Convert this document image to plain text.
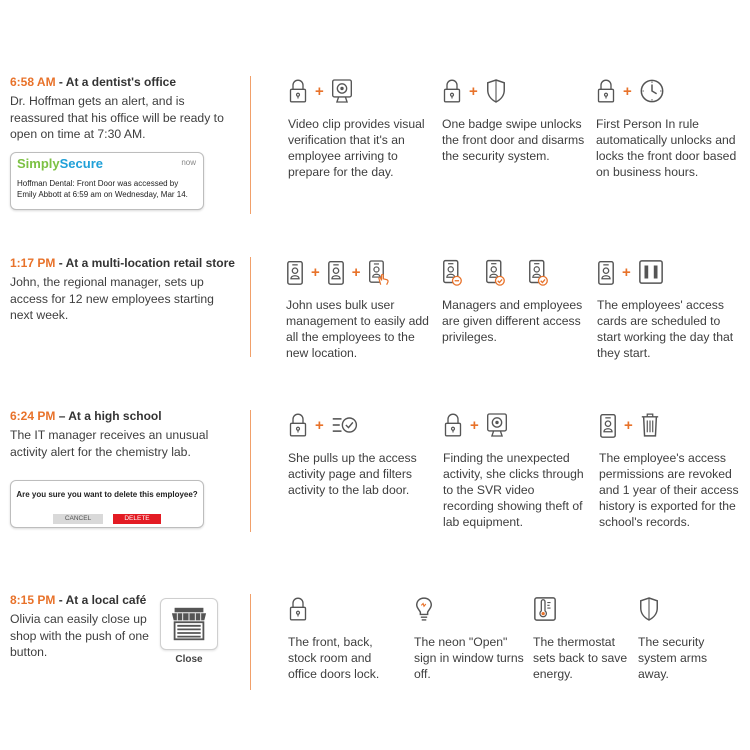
6:58 AM - At a dentist's office
Dr. Hoffman gets an alert, and is reassured that his office will be ready to open on time at 7:30 AM.
SimplySecure	now
Hoffman Dental: Front Door was accessed by Emily Abbott at 6:59 am on Wednesday, Mar 14.
+
Video clip provides visual verification that it's an employee arriving to prepare for the day.
+
One badge swipe unlocks the front door and disarms the security system.
+
First Person In rule automatically unlocks and locks the front door based on business hours.
1:17 PM - At a multi-location retail store
John, the regional manager, sets up access for 12 new employees starting next week.
+ +
John uses bulk user management to easily add all the employees to the new location.
Managers and employees are given different access privileges.
+
The employees' access cards are scheduled to start working the day that they start.
6:24 PM – At a high school
The IT manager receives an unusual activity alert for the chemistry lab.
Are you sure you want to delete this employee?
CANCEL	DELETE
+
She pulls up the access activity page and filters activity to the lab door.
+
Finding the unexpected activity, she clicks through to the SVR video recording showing theft of lab equipment.
+
The employee's access permissions are revoked and 1 year of their access history is exported for the school's records.
8:15 PM - At a local café
Olivia can easily close up shop with the push of one button.
Close
The front, back, stock room and office doors lock.
The neon "Open" sign in window turns off.
The thermostat sets back to save energy.
The security system arms away.
